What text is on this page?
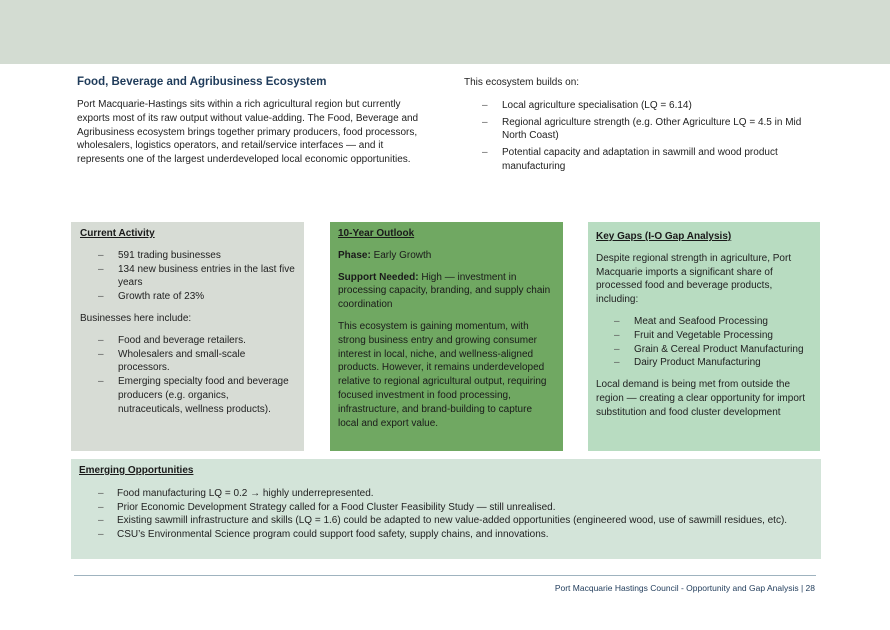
Food, Beverage and Agribusiness Ecosystem

Port Macquarie-Hastings sits within a rich agricultural region but currently exports most of its raw output without value-adding. The Food, Beverage and Agribusiness ecosystem brings together primary producers, food processors, wholesalers, logistics operators, and retail/service interfaces — and it represents one of the largest underdeveloped local economic opportunities.

This ecosystem builds on:

– Local agriculture specialisation (LQ = 6.14)
– Regional agriculture strength (e.g. Other Agriculture LQ = 4.5 in Mid North Coast)
– Potential capacity and adaptation in sawmill and wood product manufacturing
Current Activity
– 591 trading businesses
– 134 new business entries in the last five years
– Growth rate of 23%

Businesses here include:

– Food and beverage retailers.
– Wholesalers and small-scale processors.
– Emerging specialty food and beverage producers (e.g. organics, nutraceuticals, wellness products).
10-Year Outlook

Phase: Early Growth

Support Needed: High — investment in processing capacity, branding, and supply chain coordination

This ecosystem is gaining momentum, with strong business entry and growing consumer interest in local, niche, and wellness-aligned products. However, it remains underdeveloped relative to regional agricultural output, requiring focused investment in food processing, infrastructure, and brand-building to capture local and export value.

Key Gaps (I-O Gap Analysis)

Despite regional strength in agriculture, Port Macquarie imports a significant share of processed food and beverage products, including:

– Meat and Seafood Processing
– Fruit and Vegetable Processing
– Grain & Cereal Product Manufacturing
– Dairy Product Manufacturing

Local demand is being met from outside the region — creating a clear opportunity for import substitution and food cluster development

Emerging Opportunities
– Food manufacturing LQ = 0.2 → highly underrepresented.
– Prior Economic Development Strategy called for a Food Cluster Feasibility Study — still unrealised.
– Existing sawmill infrastructure and skills (LQ = 1.6) could be adapted to new value-added opportunities (engineered wood, use of sawmill residues, etc).
– CSU’s Environmental Science program could support food safety, supply chains, and innovations.
Port Macquarie Hastings Council - Opportunity and Gap Analysis | 28
